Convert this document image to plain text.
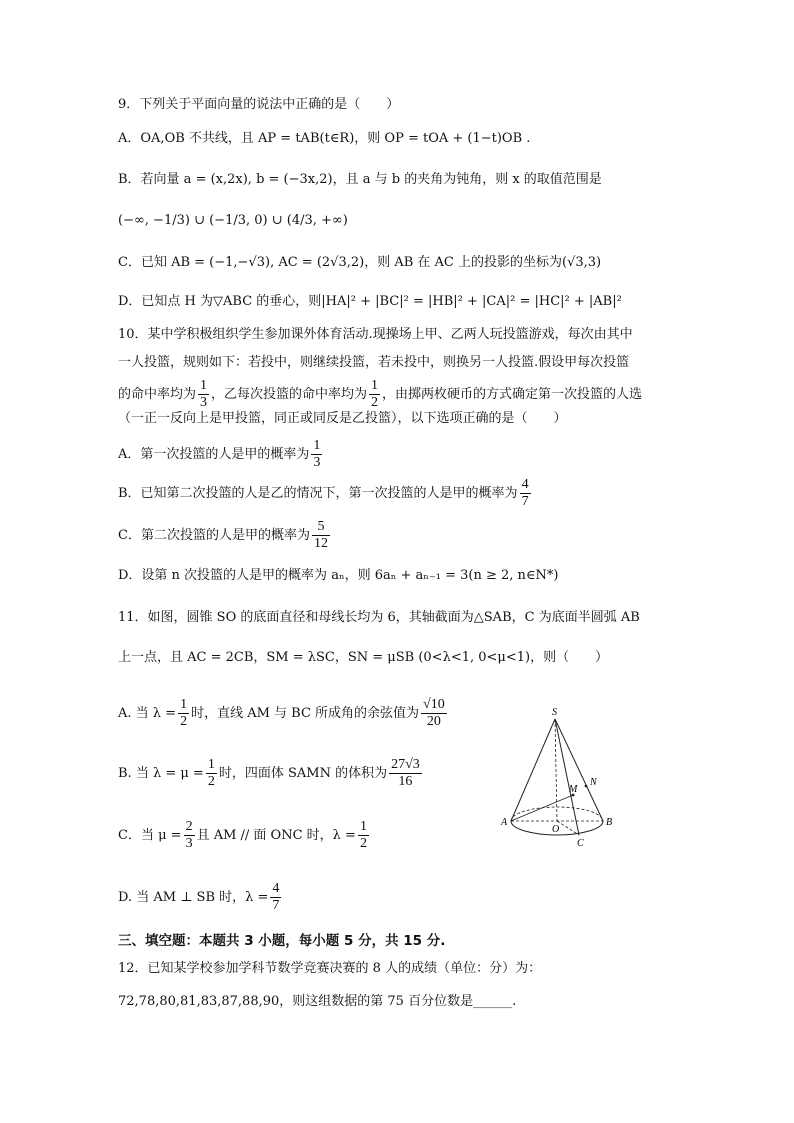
9．下列关于平面向量的说法中正确的是（　　）
A．OA,OB 不共线，且 AP = tAB(t∈R)，则 OP = tOA + (1−t)OB .
B．若向量 a = (x,2x), b = (−3x,2)，且 a 与 b 的夹角为钝角，则 x 的取值范围是
(−∞, −1/3) ∪ (−1/3, 0) ∪ (4/3, +∞)
C．已知 AB = (−1,−√3), AC = (2√3,2)，则 AB 在 AC 上的投影的坐标为(√3,3)
D．已知点 H 为▽ABC 的垂心，则|HA|² + |BC|² = |HB|² + |CA|² = |HC|² + |AB|²
10．某中学积极组织学生参加课外体育活动.现操场上甲、乙两人玩投篮游戏，每次由其中
一人投篮，规则如下：若投中，则继续投篮，若未投中，则换另一人投篮.假设甲每次投篮
的命中率均为 $\frac{1}{3}$ ，乙每次投篮的命中率均为 $\frac{1}{2}$ ，由掷两枚硬币的方式确定第一次投篮的人选
（一正一反向上是甲投篮，同正或同反是乙投篮），以下选项正确的是（　　）
A．第一次投篮的人是甲的概率为 $\frac{1}{3}$
B．已知第二次投篮的人是乙的情况下，第一次投篮的人是甲的概率为 $\frac{4}{7}$
C．第二次投篮的人是甲的概率为 $\frac{5}{12}$
D．设第 n 次投篮的人是甲的概率为 aₙ，则 6aₙ + aₙ₋₁ = 3(n ≥ 2, n∈N*)
11．如图，圆锥 SO 的底面直径和母线长均为 6，其轴截面为△SAB，C 为底面半圆弧 AB
上一点，且 AC = 2CB，SM = λSC，SN = μSB (0<λ<1, 0<μ<1)，则（　　）
A. 当 $\lambda = \frac{1}{2}$ 时，直线 AM 与 BC 所成角的余弦值为 $\frac{√10}{20}$
B. 当 $\lambda = \mu = \frac{1}{2}$ 时，四面体 SAMN 的体积为 $\frac{27√3}{16}$
C．当 $\mu = \frac{2}{3}$ 且 AM // 面 ONC 时，$\lambda = \frac{1}{2}$
D. 当 AM ⊥ SB 时，$\lambda = \frac{4}{7}$
S
A	B
O
C
M
N
三、填空题：本题共 3 小题，每小题 5 分，共 15 分.
12．已知某学校参加学科节数学竞赛决赛的 8 人的成绩（单位：分）为：
72,78,80,81,83,87,88,90，则这组数据的第 75 百分位数是______.
